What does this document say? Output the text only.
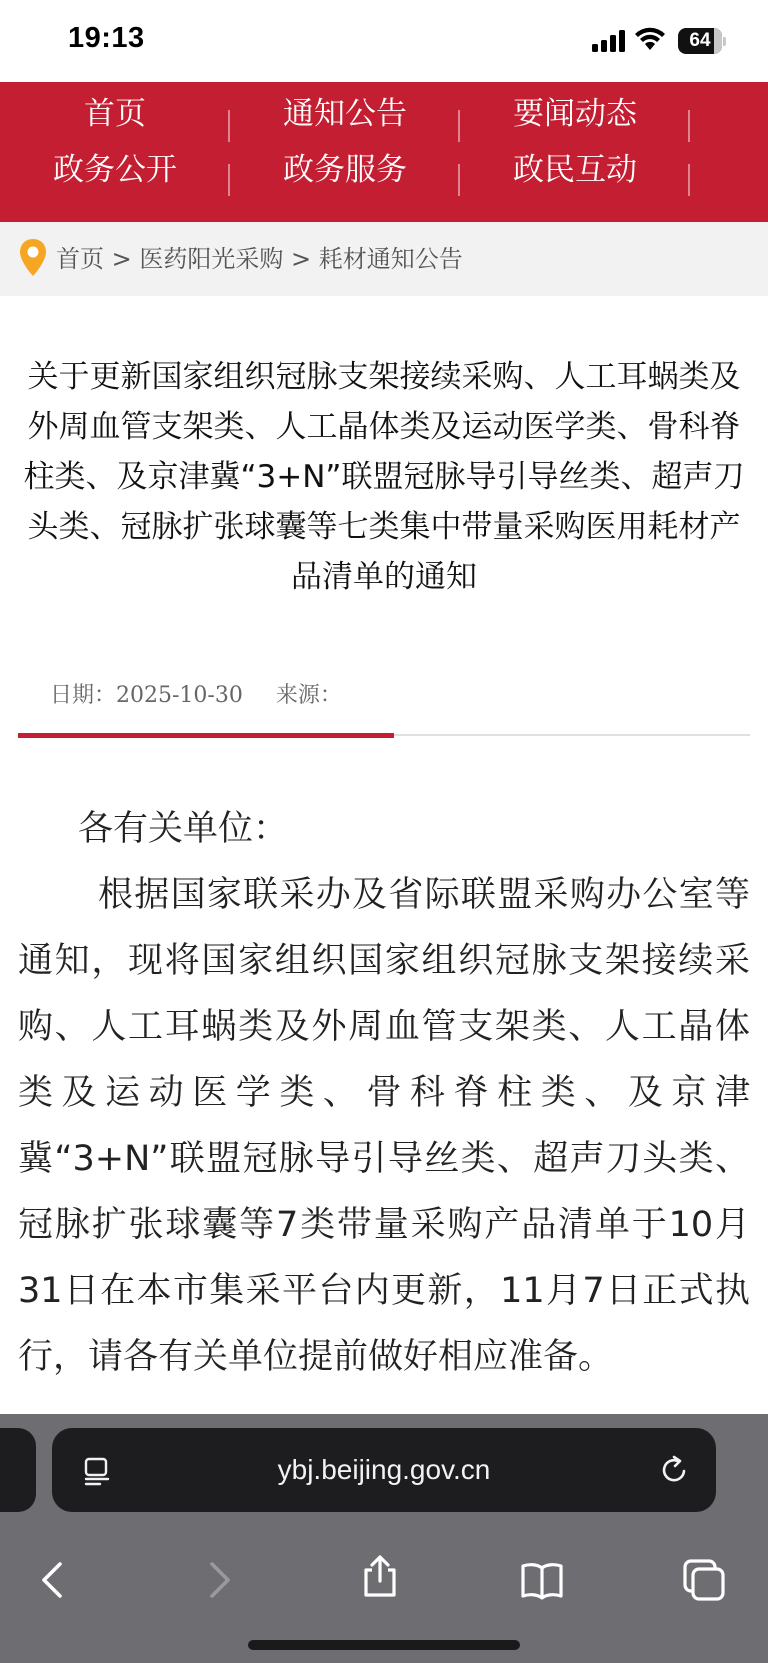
19:13	64
首页	通知公告	要闻动态
政务公开	政务服务	政民互动
首页 > 医药阳光采购 > 耗材通知公告
关于更新国家组织冠脉支架接续采购、人工耳蜗类及外周血管支架类、人工晶体类及运动医学类、骨科脊柱类、及京津冀“3+N”联盟冠脉导引导丝类、超声刀头类、冠脉扩张球囊等七类集中带量采购医用耗材产品清单的通知
日期：2025-10-30 来源：
各有关单位：
根据国家联采办及省际联盟采购办公室等通知，现将国家组织国家组织冠脉支架接续采购、人工耳蜗类及外周血管支架类、人工晶体类及运动医学类、骨科脊柱类、及京津冀“3+N”联盟冠脉导引导丝类、超声刀头类、冠脉扩张球囊等7类带量采购产品清单于10月31日在本市集采平台内更新，11月7日正式执行，请各有关单位提前做好相应准备。
ybj.beijing.gov.cn
